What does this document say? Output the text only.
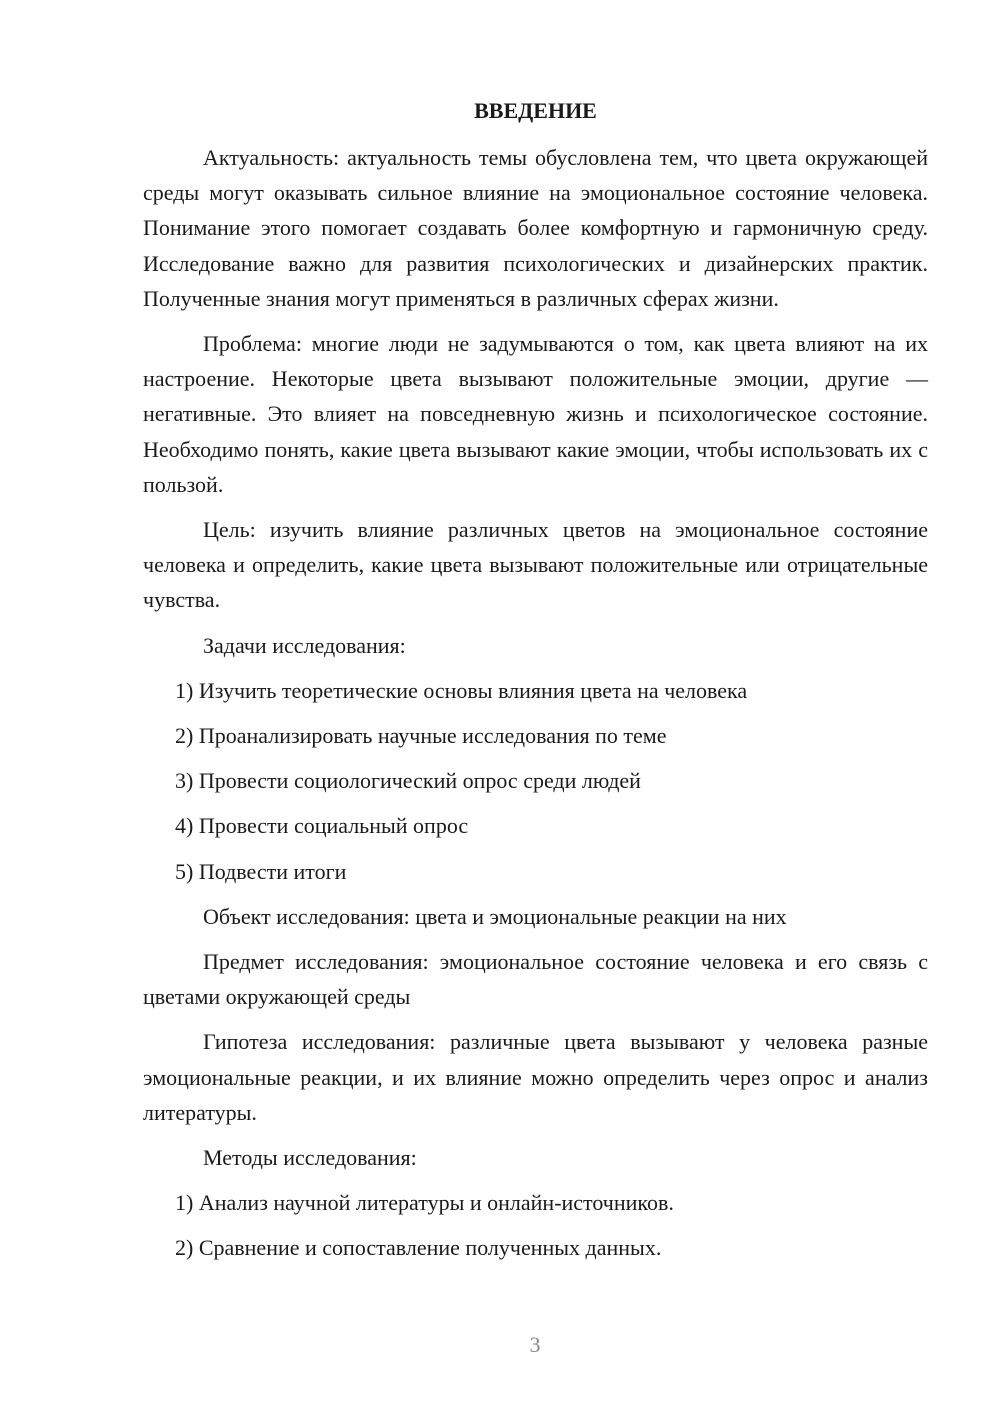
ВВЕДЕНИЕ

Актуальность: актуальность темы обусловлена тем, что цвета окружающей среды могут оказывать сильное влияние на эмоциональное состояние человека. Понимание этого помогает создавать более комфортную и гармоничную среду. Исследование важно для развития психологических и дизайнерских практик. Полученные знания могут применяться в различных сферах жизни.

Проблема: многие люди не задумываются о том, как цвета влияют на их настроение. Некоторые цвета вызывают положительные эмоции, другие — негативные. Это влияет на повседневную жизнь и психологическое состояние. Необходимо понять, какие цвета вызывают какие эмоции, чтобы использовать их с пользой.

Цель: изучить влияние различных цветов на эмоциональное состояние человека и определить, какие цвета вызывают положительные или отрицательные чувства.

Задачи исследования:

1) Изучить теоретические основы влияния цвета на человека
2) Проанализировать научные исследования по теме
3) Провести социологический опрос среди людей
4) Провести социальный опрос
5) Подвести итоги

Объект исследования: цвета и эмоциональные реакции на них

Предмет исследования: эмоциональное состояние человека и его связь с цветами окружающей среды

Гипотеза исследования: различные цвета вызывают у человека разные эмоциональные реакции, и их влияние можно определить через опрос и анализ литературы.

Методы исследования:

1) Анализ научной литературы и онлайн-источников.
2) Сравнение и сопоставление полученных данных.
3
